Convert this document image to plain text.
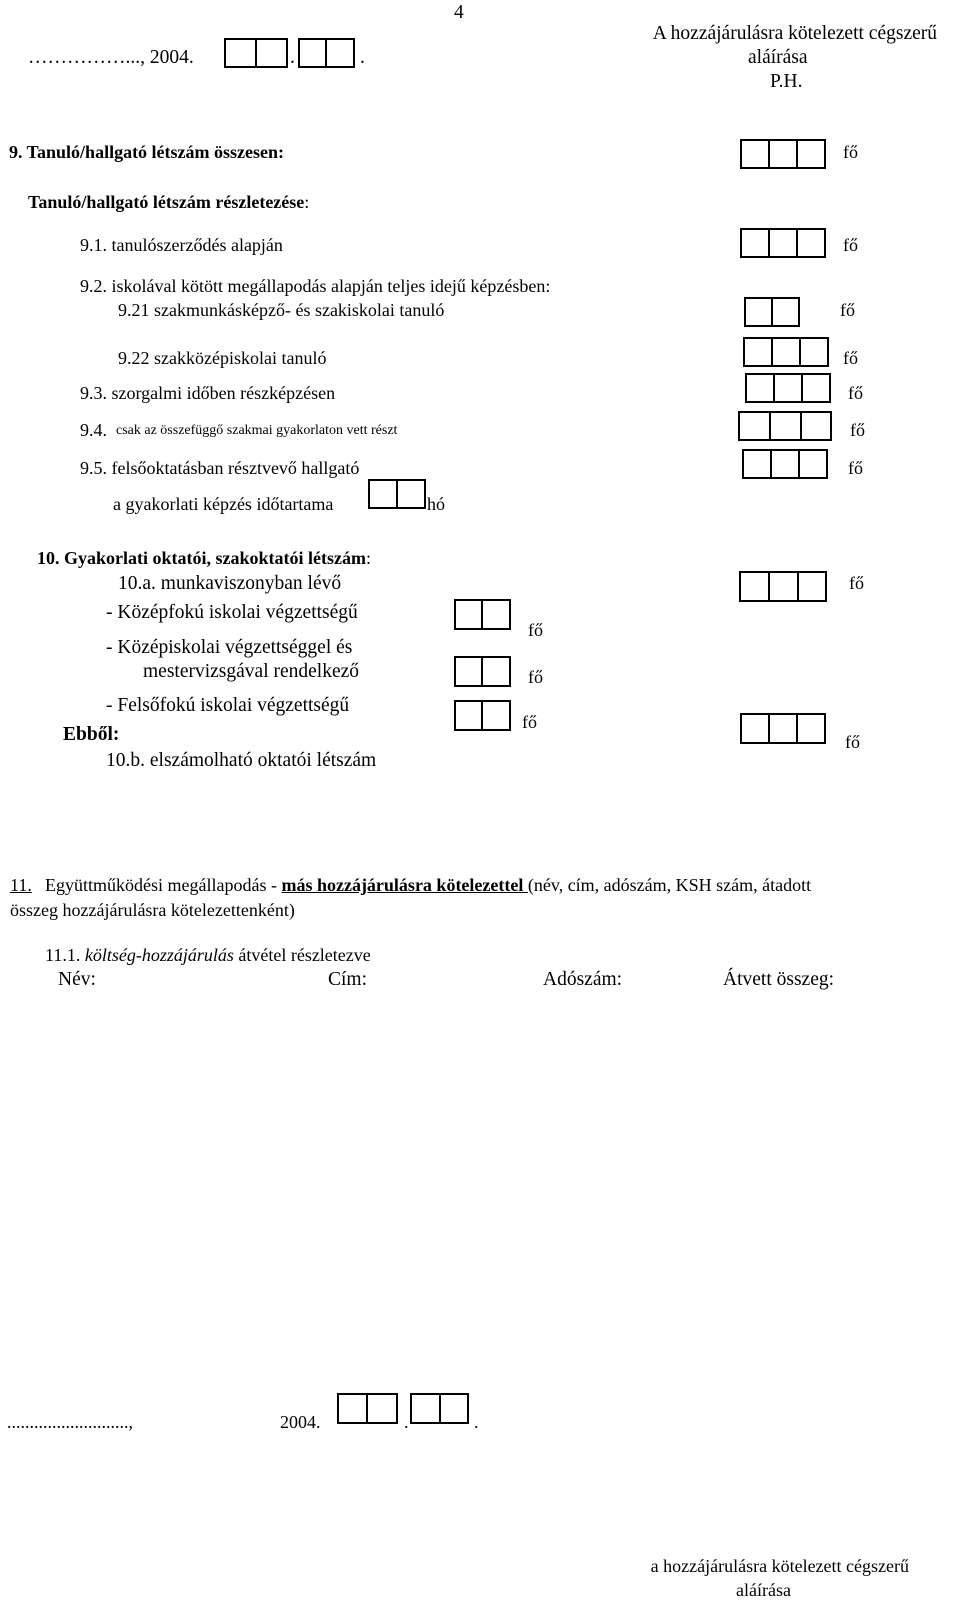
4
……………..., 2004.	.	.
A hozzájárulásra kötelezett cégszerű
aláírása
P.H.
9. Tanuló/hallgató létszám összesen:	fő
Tanuló/hallgató létszám részletezése:
9.1. tanulószerződés alapján	fő
9.2. iskolával kötött megállapodás alapján teljes idejű képzésben:
9.21 szakmunkásképző- és szakiskolai tanuló	fő
9.22 szakközépiskolai tanuló	fő
9.3. szorgalmi időben részképzésen	fő
9.4. csak az összefüggő szakmai gyakorlaton vett részt	fő
9.5. felsőoktatásban résztvevő hallgató	fő
a gyakorlati képzés időtartama	hó
10. Gyakorlati oktatói, szakoktatói létszám:
10.a. munkaviszonyban lévő	fő
- Középfokú iskolai végzettségű
fő
- Középiskolai végzettséggel és
mestervizsgával rendelkező	fő
- Felsőfokú iskolai végzettségű
fő
Ebből:
10.b. elszámolható oktatói létszám
fő
11. Együttműködési megállapodás - más hozzájárulásra kötelezettel (név, cím, adószám, KSH szám, átadott
összeg hozzájárulásra kötelezettenként)
11.1. költség-hozzájárulás átvétel részletezve
Név:	Cím:	Adószám:	Átvett összeg:
...........................,	2004.	.	.
a hozzájárulásra kötelezett cégszerű
aláírása
